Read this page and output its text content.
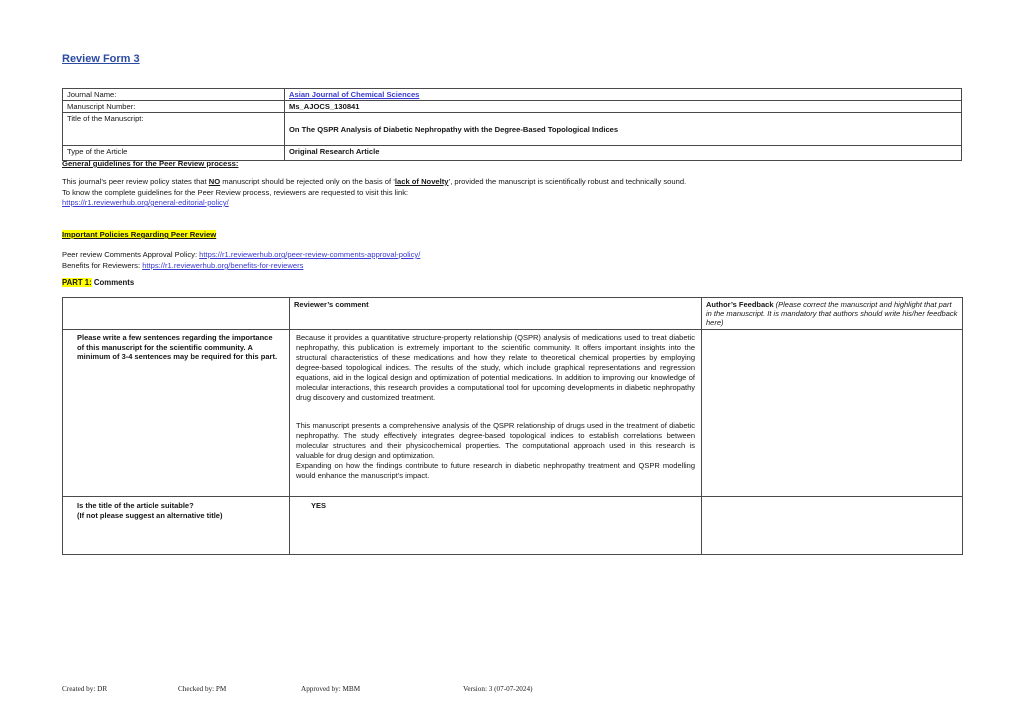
Review Form 3
Journal Name:	Asian Journal of Chemical Sciences
Manuscript Number:	Ms_AJOCS_130841
Title of the Manuscript:	On The QSPR Analysis of Diabetic Nephropathy with the Degree-Based Topological Indices
Type of the Article	Original Research Article
General guidelines for the Peer Review process:
This journal’s peer review policy states that NO manuscript should be rejected only on the basis of ‘lack of Novelty’, provided the manuscript is scientifically robust and technically sound.
To know the complete guidelines for the Peer Review process, reviewers are requested to visit this link:
https://r1.reviewerhub.org/general-editorial-policy/
Important Policies Regarding Peer Review
Peer review Comments Approval Policy: https://r1.reviewerhub.org/peer-review-comments-approval-policy/
Benefits for Reviewers: https://r1.reviewerhub.org/benefits-for-reviewers
PART 1: Comments
	Reviewer’s comment	Author’s Feedback (Please correct the manuscript and highlight that part in the manuscript. It is mandatory that authors should write his/her feedback here)
Please write a few sentences regarding the importance of this manuscript for the scientific community. A minimum of 3-4 sentences may be required for this part.	Because it provides a quantitative structure-property relationship (QSPR) analysis of medications used to treat diabetic nephropathy, this publication is extremely important to the scientific community. It offers important insights into the structural characteristics of these medications and how they relate to theoretical chemical properties by employing degree-based topological indices. The results of the study, which include graphical representations and regression equations, aid in the logical design and optimization of potential medications. In addition to improving our knowledge of molecular interactions, this research provides a computational tool for upcoming developments in diabetic nephropathy drug discovery and customized treatment.

This manuscript presents a comprehensive analysis of the QSPR relationship of drugs used in the treatment of diabetic nephropathy. The study effectively integrates degree-based topological indices to establish correlations between molecular structures and their physicochemical properties. The computational approach used in this research is valuable for drug design and optimization.

Expanding on how the findings contribute to future research in diabetic nephropathy treatment and QSPR modelling would enhance the manuscript’s impact.	

Is the title of the article suitable?
(If not please suggest an alternative title)	YES	
Created by: DR	Checked by: PM	Approved by: MBM	Version: 3 (07-07-2024)
